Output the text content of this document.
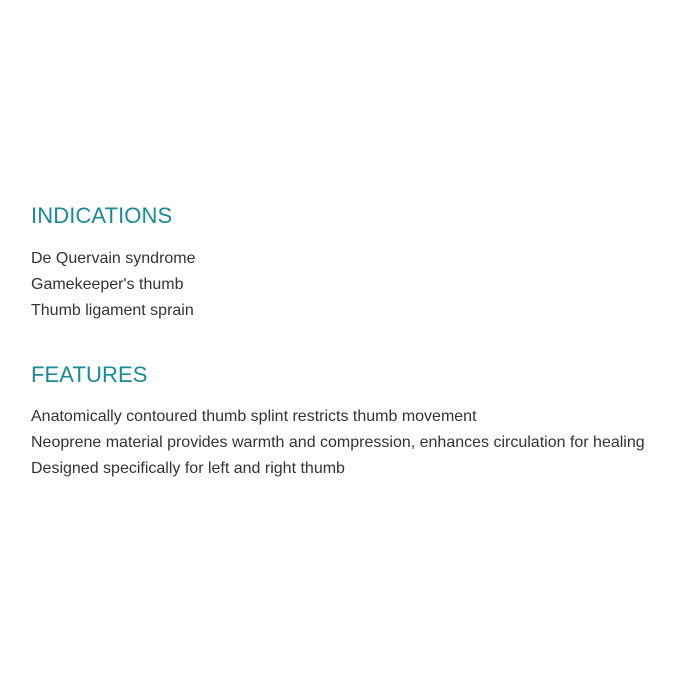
INDICATIONS
De Quervain syndrome
Gamekeeper's thumb
Thumb ligament sprain
FEATURES
Anatomically contoured thumb splint restricts thumb movement
Neoprene material provides warmth and compression, enhances circulation for healing
Designed specifically for left and right thumb
